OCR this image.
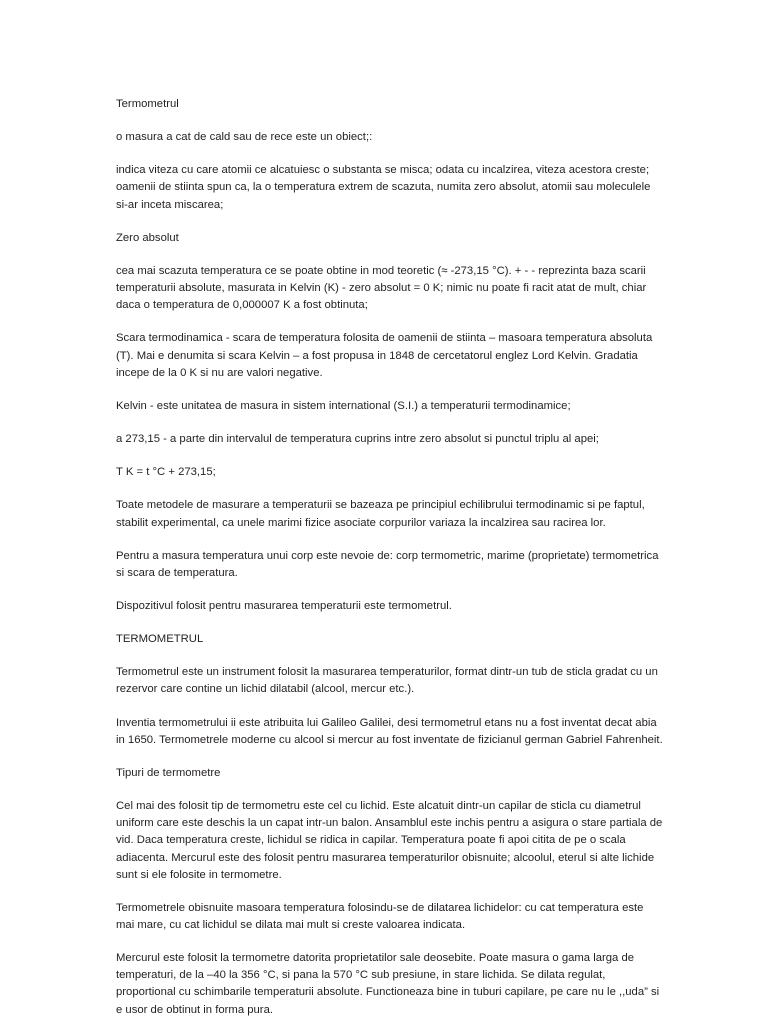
Termometrul

o masura a cat de cald sau de rece este un obiect;:

indica viteza cu care atomii ce alcatuiesc o substanta se misca; odata cu incalzirea, viteza acestora creste; oamenii de stiinta spun ca, la o temperatura extrem de scazuta, numita zero absolut, atomii sau moleculele si-ar inceta miscarea;

Zero absolut

cea mai scazuta temperatura ce se poate obtine in mod teoretic (≈ -273,15 °C). + - - reprezinta baza scarii temperaturii absolute, masurata in Kelvin (K) - zero absolut = 0 K; nimic nu poate fi racit atat de mult, chiar daca o temperatura de 0,000007 K a fost obtinuta;

Scara termodinamica - scara de temperatura folosita de oamenii de stiinta – masoara temperatura absoluta (T). Mai e denumita si scara Kelvin – a fost propusa in 1848 de cercetatorul englez Lord Kelvin. Gradatia incepe de la 0 K si nu are valori negative.

Kelvin - este unitatea de masura in sistem international (S.I.) a temperaturii termodinamice;

a 273,15 - a parte din intervalul de temperatura cuprins intre zero absolut si punctul triplu al apei;

T K = t °C + 273,15;

Toate metodele de masurare a temperaturii se bazeaza pe principiul echilibrului termodinamic si pe faptul, stabilit experimental, ca unele marimi fizice asociate corpurilor variaza la incalzirea sau racirea lor.

Pentru a masura temperatura unui corp este nevoie de: corp termometric, marime (proprietate) termometrica si scara de temperatura.

Dispozitivul folosit pentru masurarea temperaturii este termometrul.

TERMOMETRUL

Termometrul este un instrument folosit la masurarea temperaturilor, format dintr-un tub de sticla gradat cu un rezervor care contine un lichid dilatabil (alcool, mercur etc.).

Inventia termometrului ii este atribuita lui Galileo Galilei, desi termometrul etans nu a fost inventat decat abia in 1650. Termometrele moderne cu alcool si mercur au fost inventate de fizicianul german Gabriel Fahrenheit.

Tipuri de termometre

Cel mai des folosit tip de termometru este cel cu lichid. Este alcatuit dintr-un capilar de sticla cu diametrul uniform care este deschis la un capat intr-un balon. Ansamblul este inchis pentru a asigura o stare partiala de vid. Daca temperatura creste, lichidul se ridica in capilar. Temperatura poate fi apoi citita de pe o scala adiacenta. Mercurul este des folosit pentru masurarea temperaturilor obisnuite; alcoolul, eterul si alte lichide sunt si ele folosite in termometre.

Termometrele obisnuite masoara temperatura folosindu-se de dilatarea lichidelor: cu cat temperatura este mai mare, cu cat lichidul se dilata mai mult si creste valoarea indicata.

Mercurul este folosit la termometre datorita proprietatilor sale deosebite. Poate masura o gama larga de temperaturi, de la –40 la 356 °C, si pana la 570 °C sub presiune, in stare lichida. Se dilata regulat, proportional cu schimbarile temperaturii absolute. Functioneaza bine in tuburi capilare, pe care nu le ,,uda” si e usor de obtinut in forma pura.
